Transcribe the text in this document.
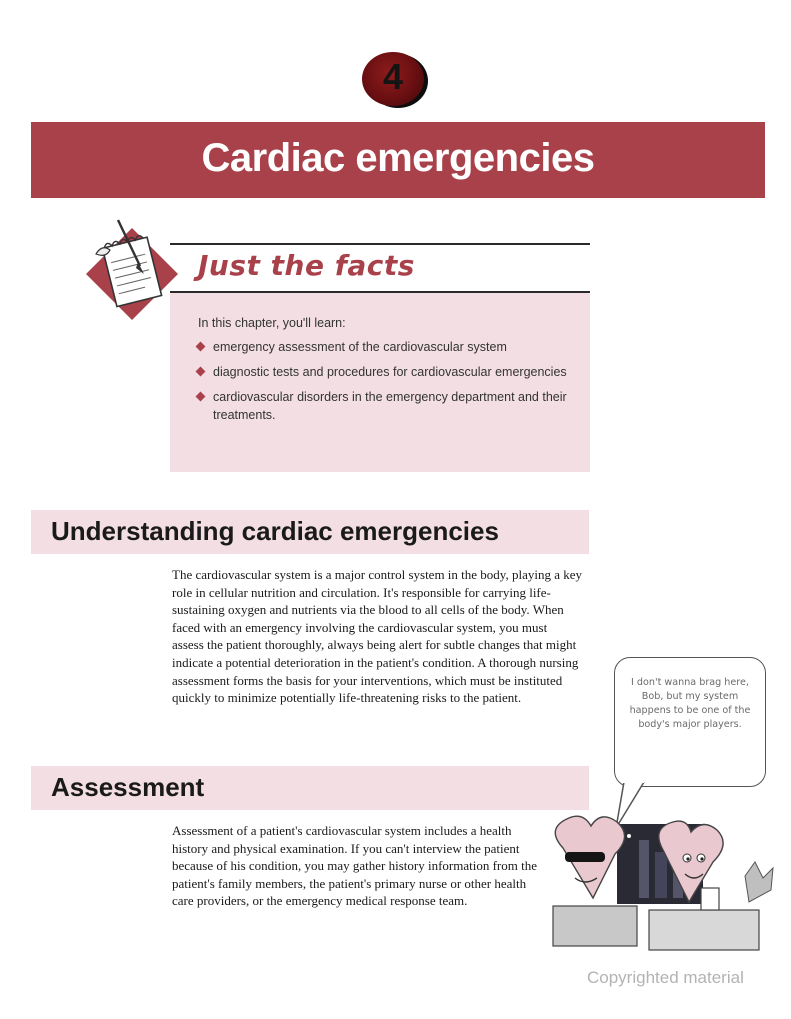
4
Cardiac emergencies
Just the facts
In this chapter, you'll learn:
emergency assessment of the cardiovascular system
diagnostic tests and procedures for cardiovascular emergencies
cardiovascular disorders in the emergency department and their treatments.
Understanding cardiac emergencies

The cardiovascular system is a major control system in the body, playing a key role in cellular nutrition and circulation. It's responsible for carrying life-sustaining oxygen and nutrients via the blood to all cells of the body. When faced with an emergency involving the cardiovascular system, you must assess the patient thoroughly, always being alert for subtle changes that might indicate a potential deterioration in the patient's condition. A thorough nursing assessment forms the basis for your interventions, which must be instituted quickly to minimize potentially life-threatening risks to the patient.

Assessment

Assessment of a patient's cardiovascular system includes a health history and physical examination. If you can't interview the patient because of his condition, you may gather history information from the patient's family members, the patient's primary nurse or other health care providers, or the emergency medical response team.

I don't wanna brag here, Bob, but my system happens to be one of the body's major players.
Copyrighted material
